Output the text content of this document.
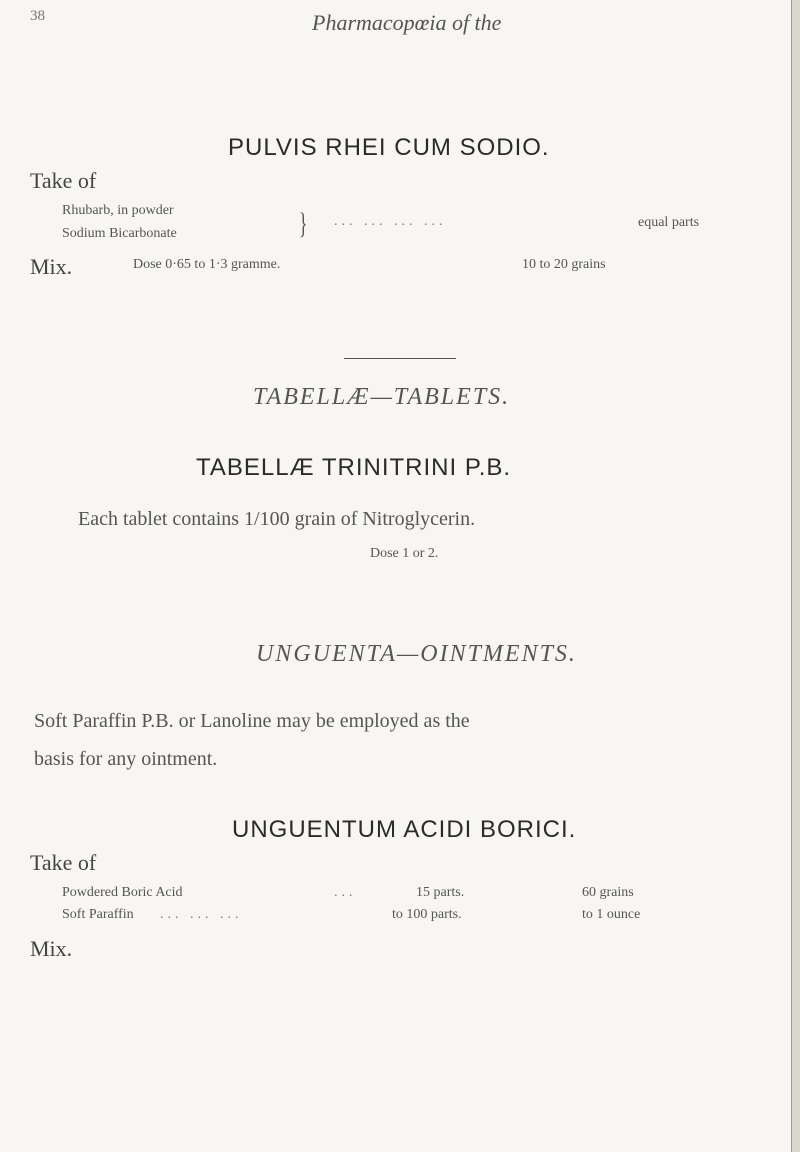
38	Pharmacopœia of the
PULVIS RHEI CUM SODIO.
Take of
Rhubarb, in powder
Sodium Bicarbonate	} ... ... ... ...	equal parts
Mix.	Dose 0·65 to 1·3 gramme.	10 to 20 grains
TABELLÆ—TABLETS.
TABELLÆ TRINITRINI P.B.
Each tablet contains 1/100 grain of Nitroglycerin.
Dose 1 or 2.
UNGUENTA—OINTMENTS.
Soft Paraffin P.B. or Lanoline may be employed as the
basis for any ointment.
UNGUENTUM ACIDI BORICI.
Take of
Powdered Boric Acid	...	15 parts.	60 grains
Soft Paraffin ... ... ...	to 100 parts.	to 1 ounce
Mix.
